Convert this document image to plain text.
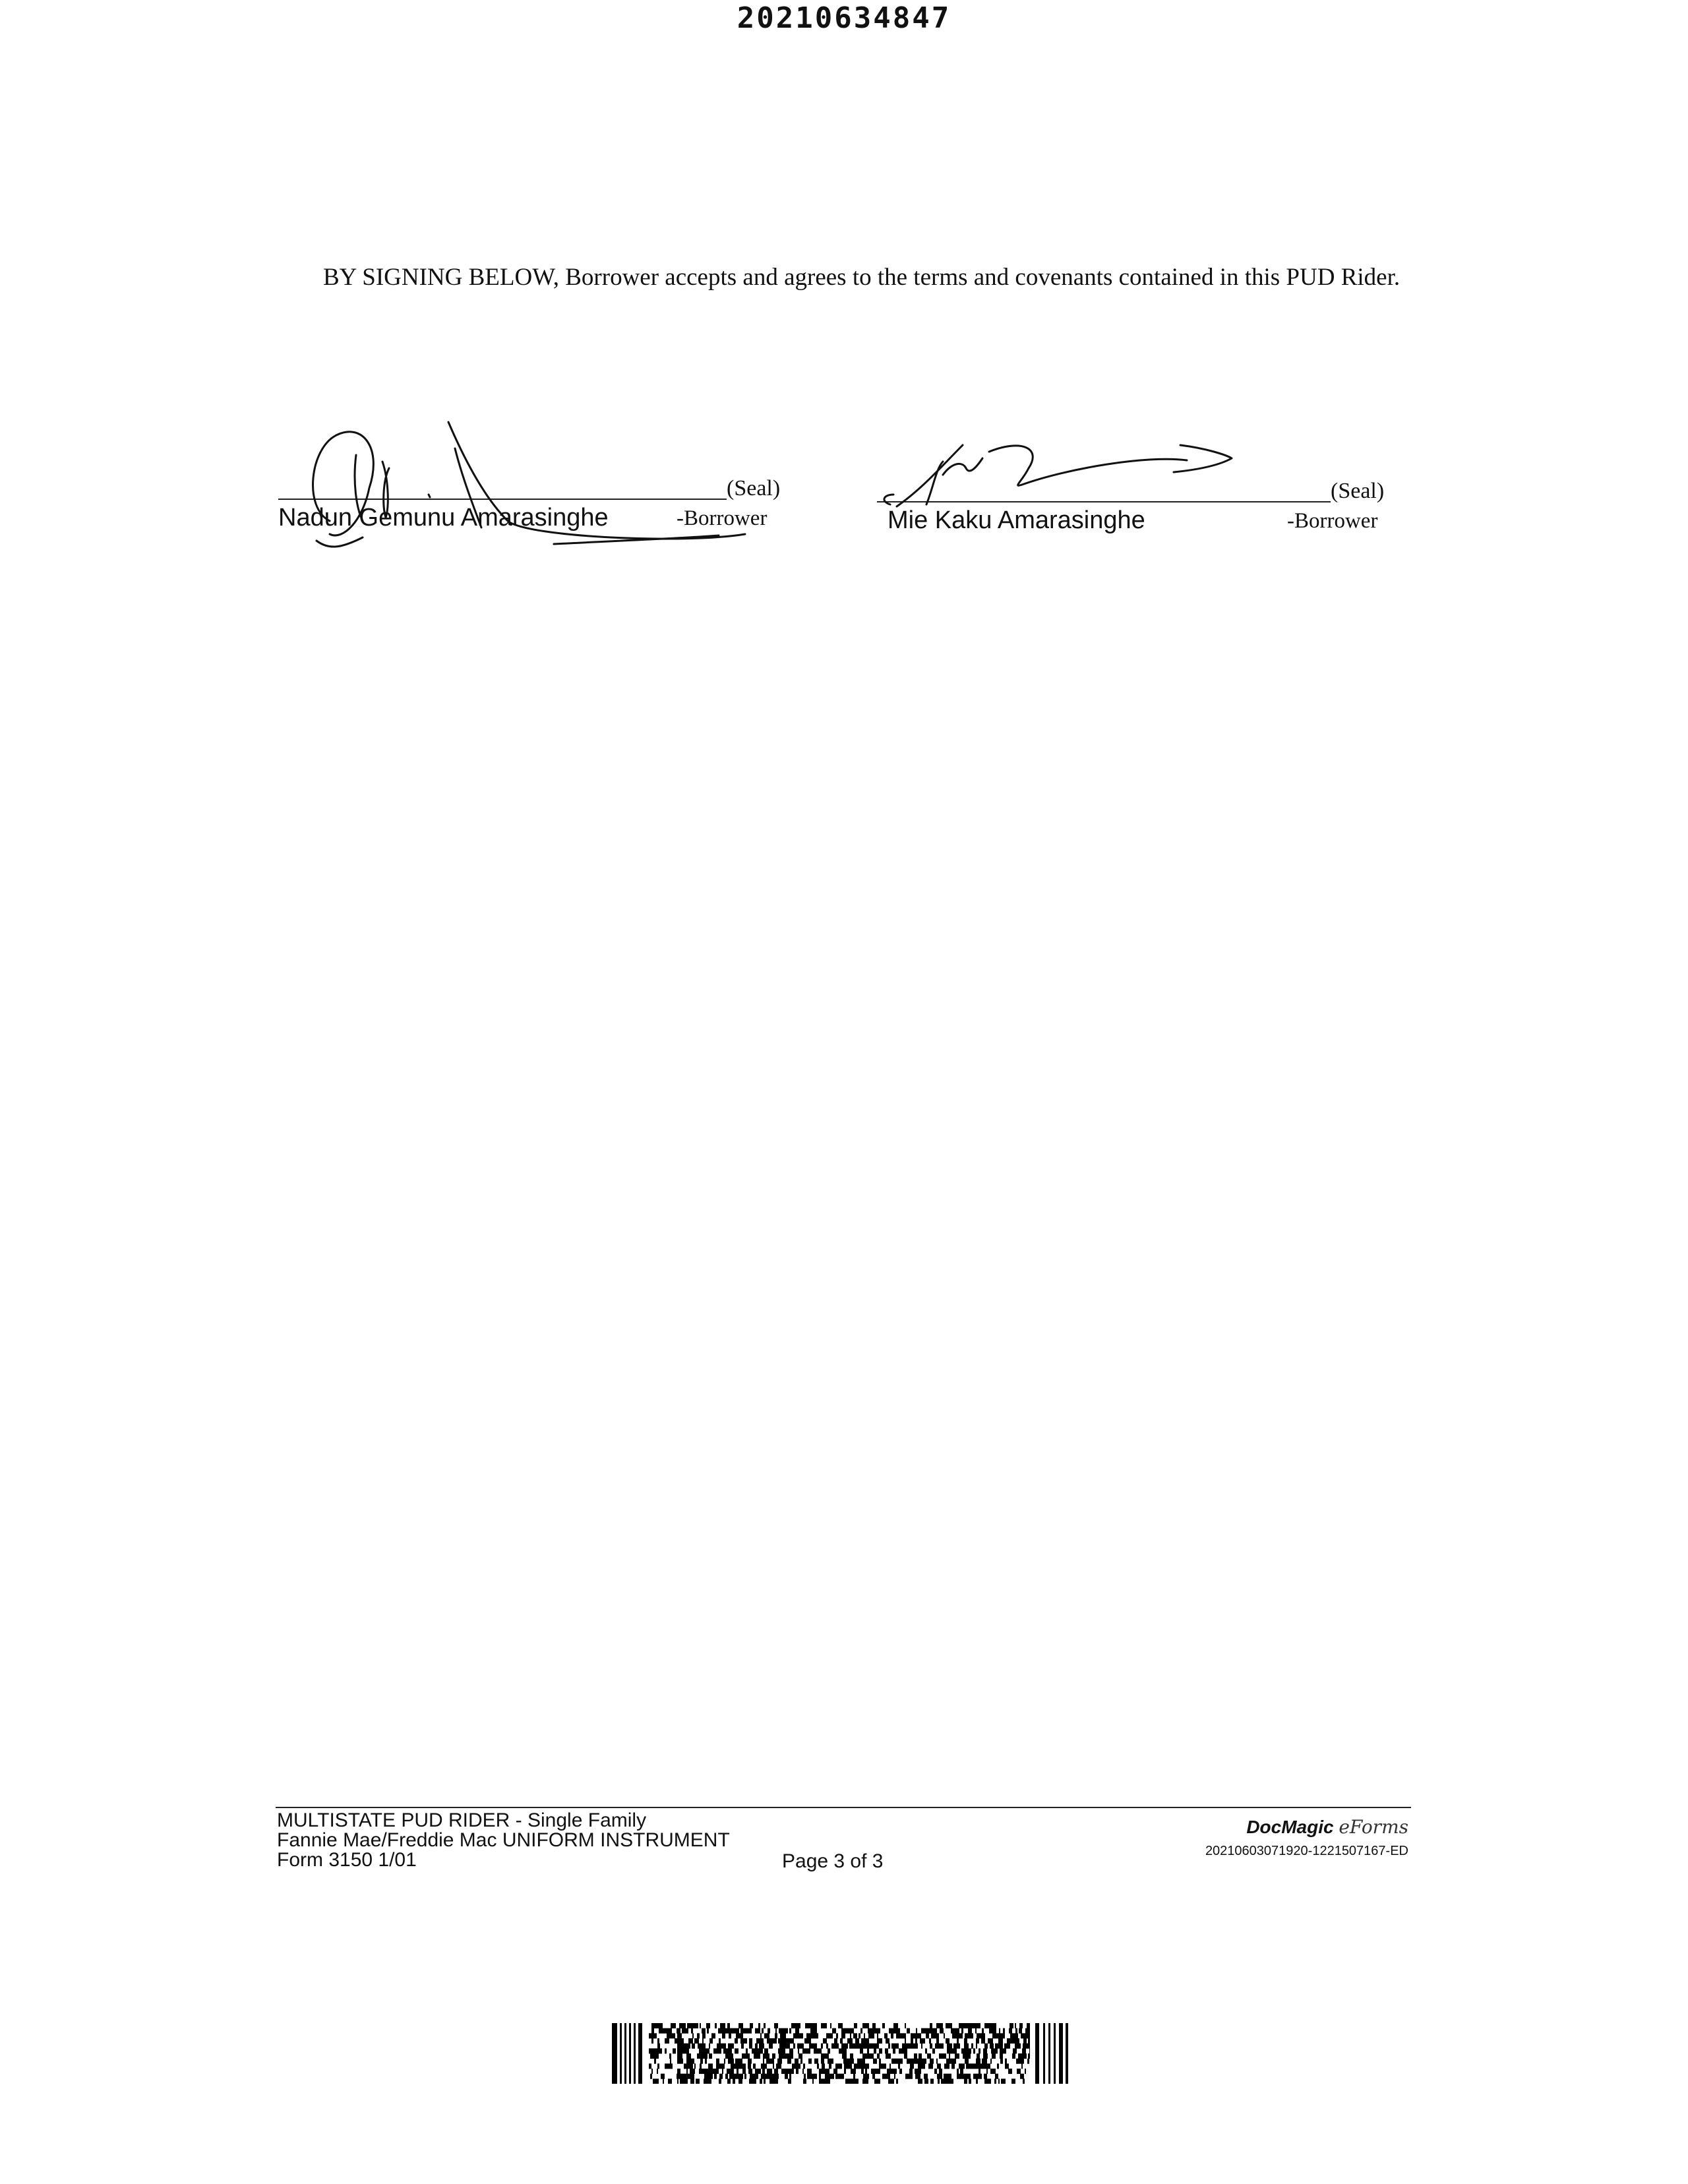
20210634847
BY SIGNING BELOW, Borrower accepts and agrees to the terms and covenants contained in this PUD Rider.
(Seal)
Nadun Gemunu Amarasinghe	-Borrower
(Seal)
Mie Kaku Amarasinghe	-Borrower
MULTISTATE PUD RIDER - Single Family
Fannie Mae/Freddie Mac UNIFORM INSTRUMENT
Form 3150 1/01	Page 3 of 3
DocMagic eForms
20210603071920-1221507167-ED
